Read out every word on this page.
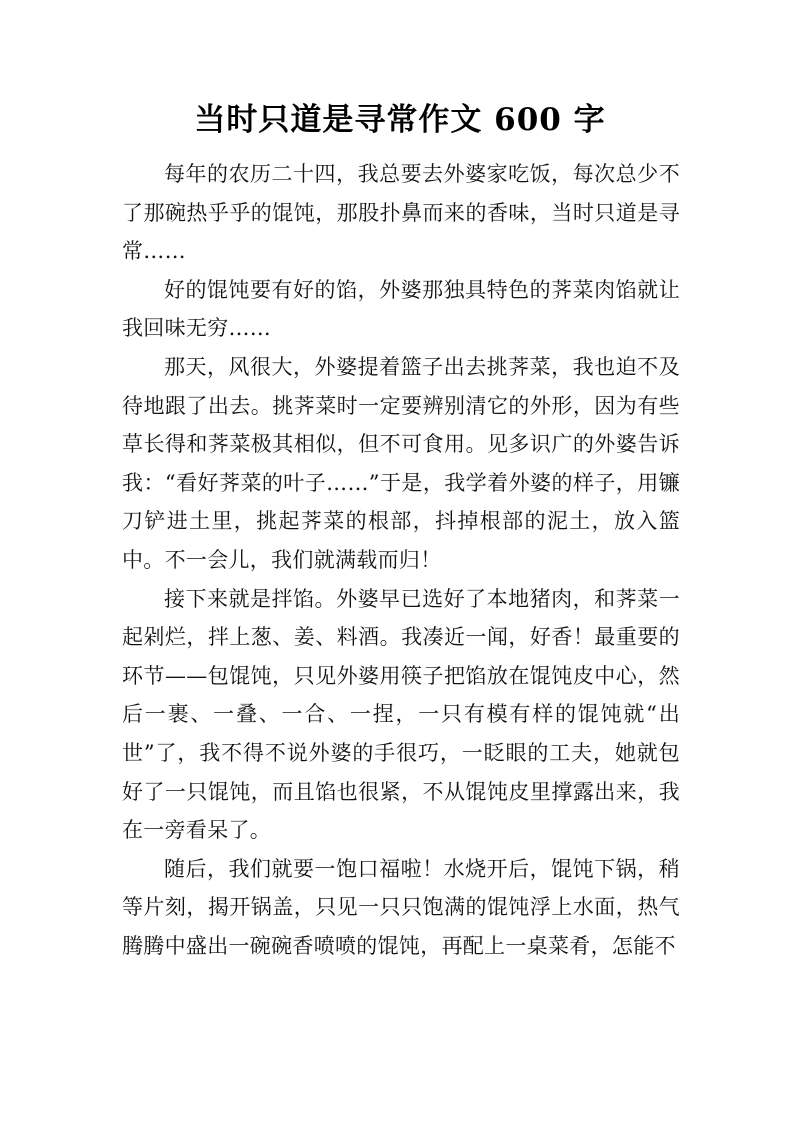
当时只道是寻常作文 600 字

每年的农历二十四，我总要去外婆家吃饭，每次总少不了那碗热乎乎的馄饨，那股扑鼻而来的香味，当时只道是寻常……

好的馄饨要有好的馅，外婆那独具特色的荠菜肉馅就让我回味无穷……

那天，风很大，外婆提着篮子出去挑荠菜，我也迫不及待地跟了出去。挑荠菜时一定要辨别清它的外形，因为有些草长得和荠菜极其相似，但不可食用。见多识广的外婆告诉我：“看好荠菜的叶子……”于是，我学着外婆的样子，用镰刀铲进土里，挑起荠菜的根部，抖掉根部的泥土，放入篮中。不一会儿，我们就满载而归！

接下来就是拌馅。外婆早已选好了本地猪肉，和荠菜一起剁烂，拌上葱、姜、料酒。我凑近一闻，好香！最重要的环节——包馄饨，只见外婆用筷子把馅放在馄饨皮中心，然后一裹、一叠、一合、一捏，一只有模有样的馄饨就“出世”了，我不得不说外婆的手很巧，一眨眼的工夫，她就包好了一只馄饨，而且馅也很紧，不从馄饨皮里撑露出来，我在一旁看呆了。

随后，我们就要一饱口福啦！水烧开后，馄饨下锅，稍等片刻，揭开锅盖，只见一只只饱满的馄饨浮上水面，热气腾腾中盛出一碗碗香喷喷的馄饨，再配上一桌菜肴，怎能不
